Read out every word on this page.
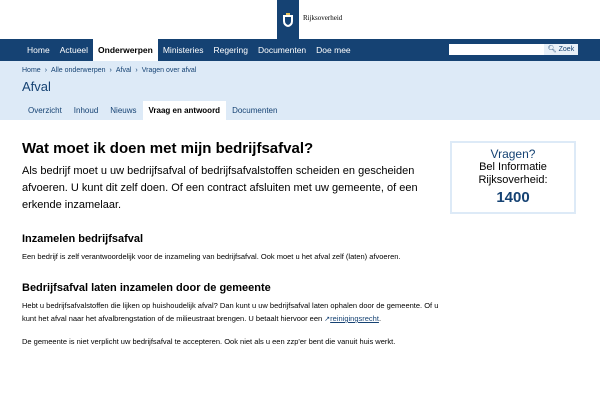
Rijksoverheid
Home	Actueel	Onderwerpen	Ministeries	Regering	Documenten	Doe mee	🔍︎ Zoek
Home › Alle onderwerpen › Afval › Vragen over afval
Afval
Overzicht	Inhoud	Nieuws	Vraag en antwoord	Documenten
Wat moet ik doen met mijn bedrijfsafval?

Als bedrijf moet u uw bedrijfsafval of bedrijfsafvalstoffen scheiden en gescheiden afvoeren. U kunt dit zelf doen. Of een contract afsluiten met uw gemeente, of een erkende inzamelaar.

Inzamelen bedrijfsafval

Een bedrijf is zelf verantwoordelijk voor de inzameling van bedrijfsafval. Ook moet u het afval zelf (laten) afvoeren.

Bedrijfsafval laten inzamelen door de gemeente

Hebt u bedrijfsafvalstoffen die lijken op huishoudelijk afval? Dan kunt u uw bedrijfsafval laten ophalen door de gemeente. Of u kunt het afval naar het afvalbrengstation of de milieustraat brengen. U betaalt hiervoor een ↗reinigingsrecht.

De gemeente is niet verplicht uw bedrijfsafval te accepteren. Ook niet als u een zzp'er bent die vanuit huis werkt.

Vragen?
Bel Informatie
Rijksoverheid:
1400
